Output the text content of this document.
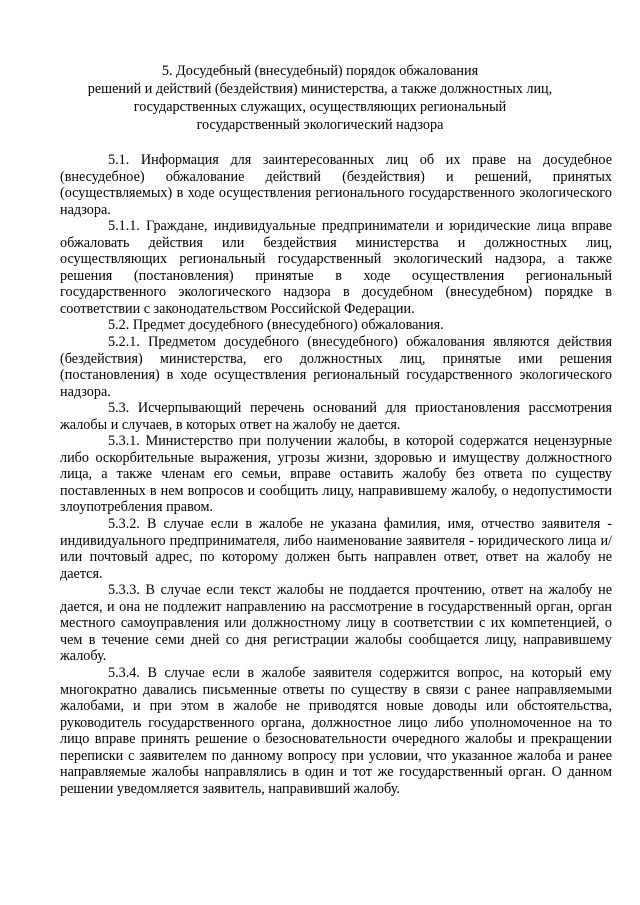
5. Досудебный (внесудебный) порядок обжалования
решений и действий (бездействия) министерства, а также должностных лиц,
государственных служащих, осуществляющих региональный
государственный экологический надзора

5.1. Информация для заинтересованных лиц об их праве на досудебное (внесудебное) обжалование действий (бездействия) и решений, принятых (осуществляемых) в ходе осуществления регионального государственного экологического надзора.

5.1.1. Граждане, индивидуальные предприниматели и юридические лица вправе обжаловать действия или бездействия министерства и должностных лиц, осуществляющих региональный государственный экологический надзора, а также решения (постановления) принятые в ходе осуществления региональный государственного экологического надзора в досудебном (внесудебном) порядке в соответствии с законодательством Российской Федерации.

5.2. Предмет досудебного (внесудебного) обжалования.

5.2.1. Предметом досудебного (внесудебного) обжалования являются действия (бездействия) министерства, его должностных лиц, принятые ими решения (постановления) в ходе осуществления региональный государственного экологического надзора.

5.3. Исчерпывающий перечень оснований для приостановления рассмотрения жалобы и случаев, в которых ответ на жалобу не дается.

5.3.1. Министерство при получении жалобы, в которой содержатся нецензурные либо оскорбительные выражения, угрозы жизни, здоровью и имуществу должностного лица, а также членам его семьи, вправе оставить жалобу без ответа по существу поставленных в нем вопросов и сообщить лицу, направившему жалобу, о недопустимости злоупотребления правом.

5.3.2. В случае если в жалобе не указана фамилия, имя, отчество заявителя - индивидуального предпринимателя, либо наименование заявителя - юридического лица и/или почтовый адрес, по которому должен быть направлен ответ, ответ на жалобу не дается.

5.3.3. В случае если текст жалобы не поддается прочтению, ответ на жалобу не дается, и она не подлежит направлению на рассмотрение в государственный орган, орган местного самоуправления или должностному лицу в соответствии с их компетенцией, о чем в течение семи дней со дня регистрации жалобы сообщается лицу, направившему жалобу.

5.3.4. В случае если в жалобе заявителя содержится вопрос, на который ему многократно давались письменные ответы по существу в связи с ранее направляемыми жалобами, и при этом в жалобе не приводятся новые доводы или обстоятельства, руководитель государственного органа, должностное лицо либо уполномоченное на то лицо вправе принять решение о безосновательности очередного жалобы и прекращении переписки с заявителем по данному вопросу при условии, что указанное жалоба и ранее направляемые жалобы направлялись в один и тот же государственный орган. О данном решении уведомляется заявитель, направивший жалобу.
